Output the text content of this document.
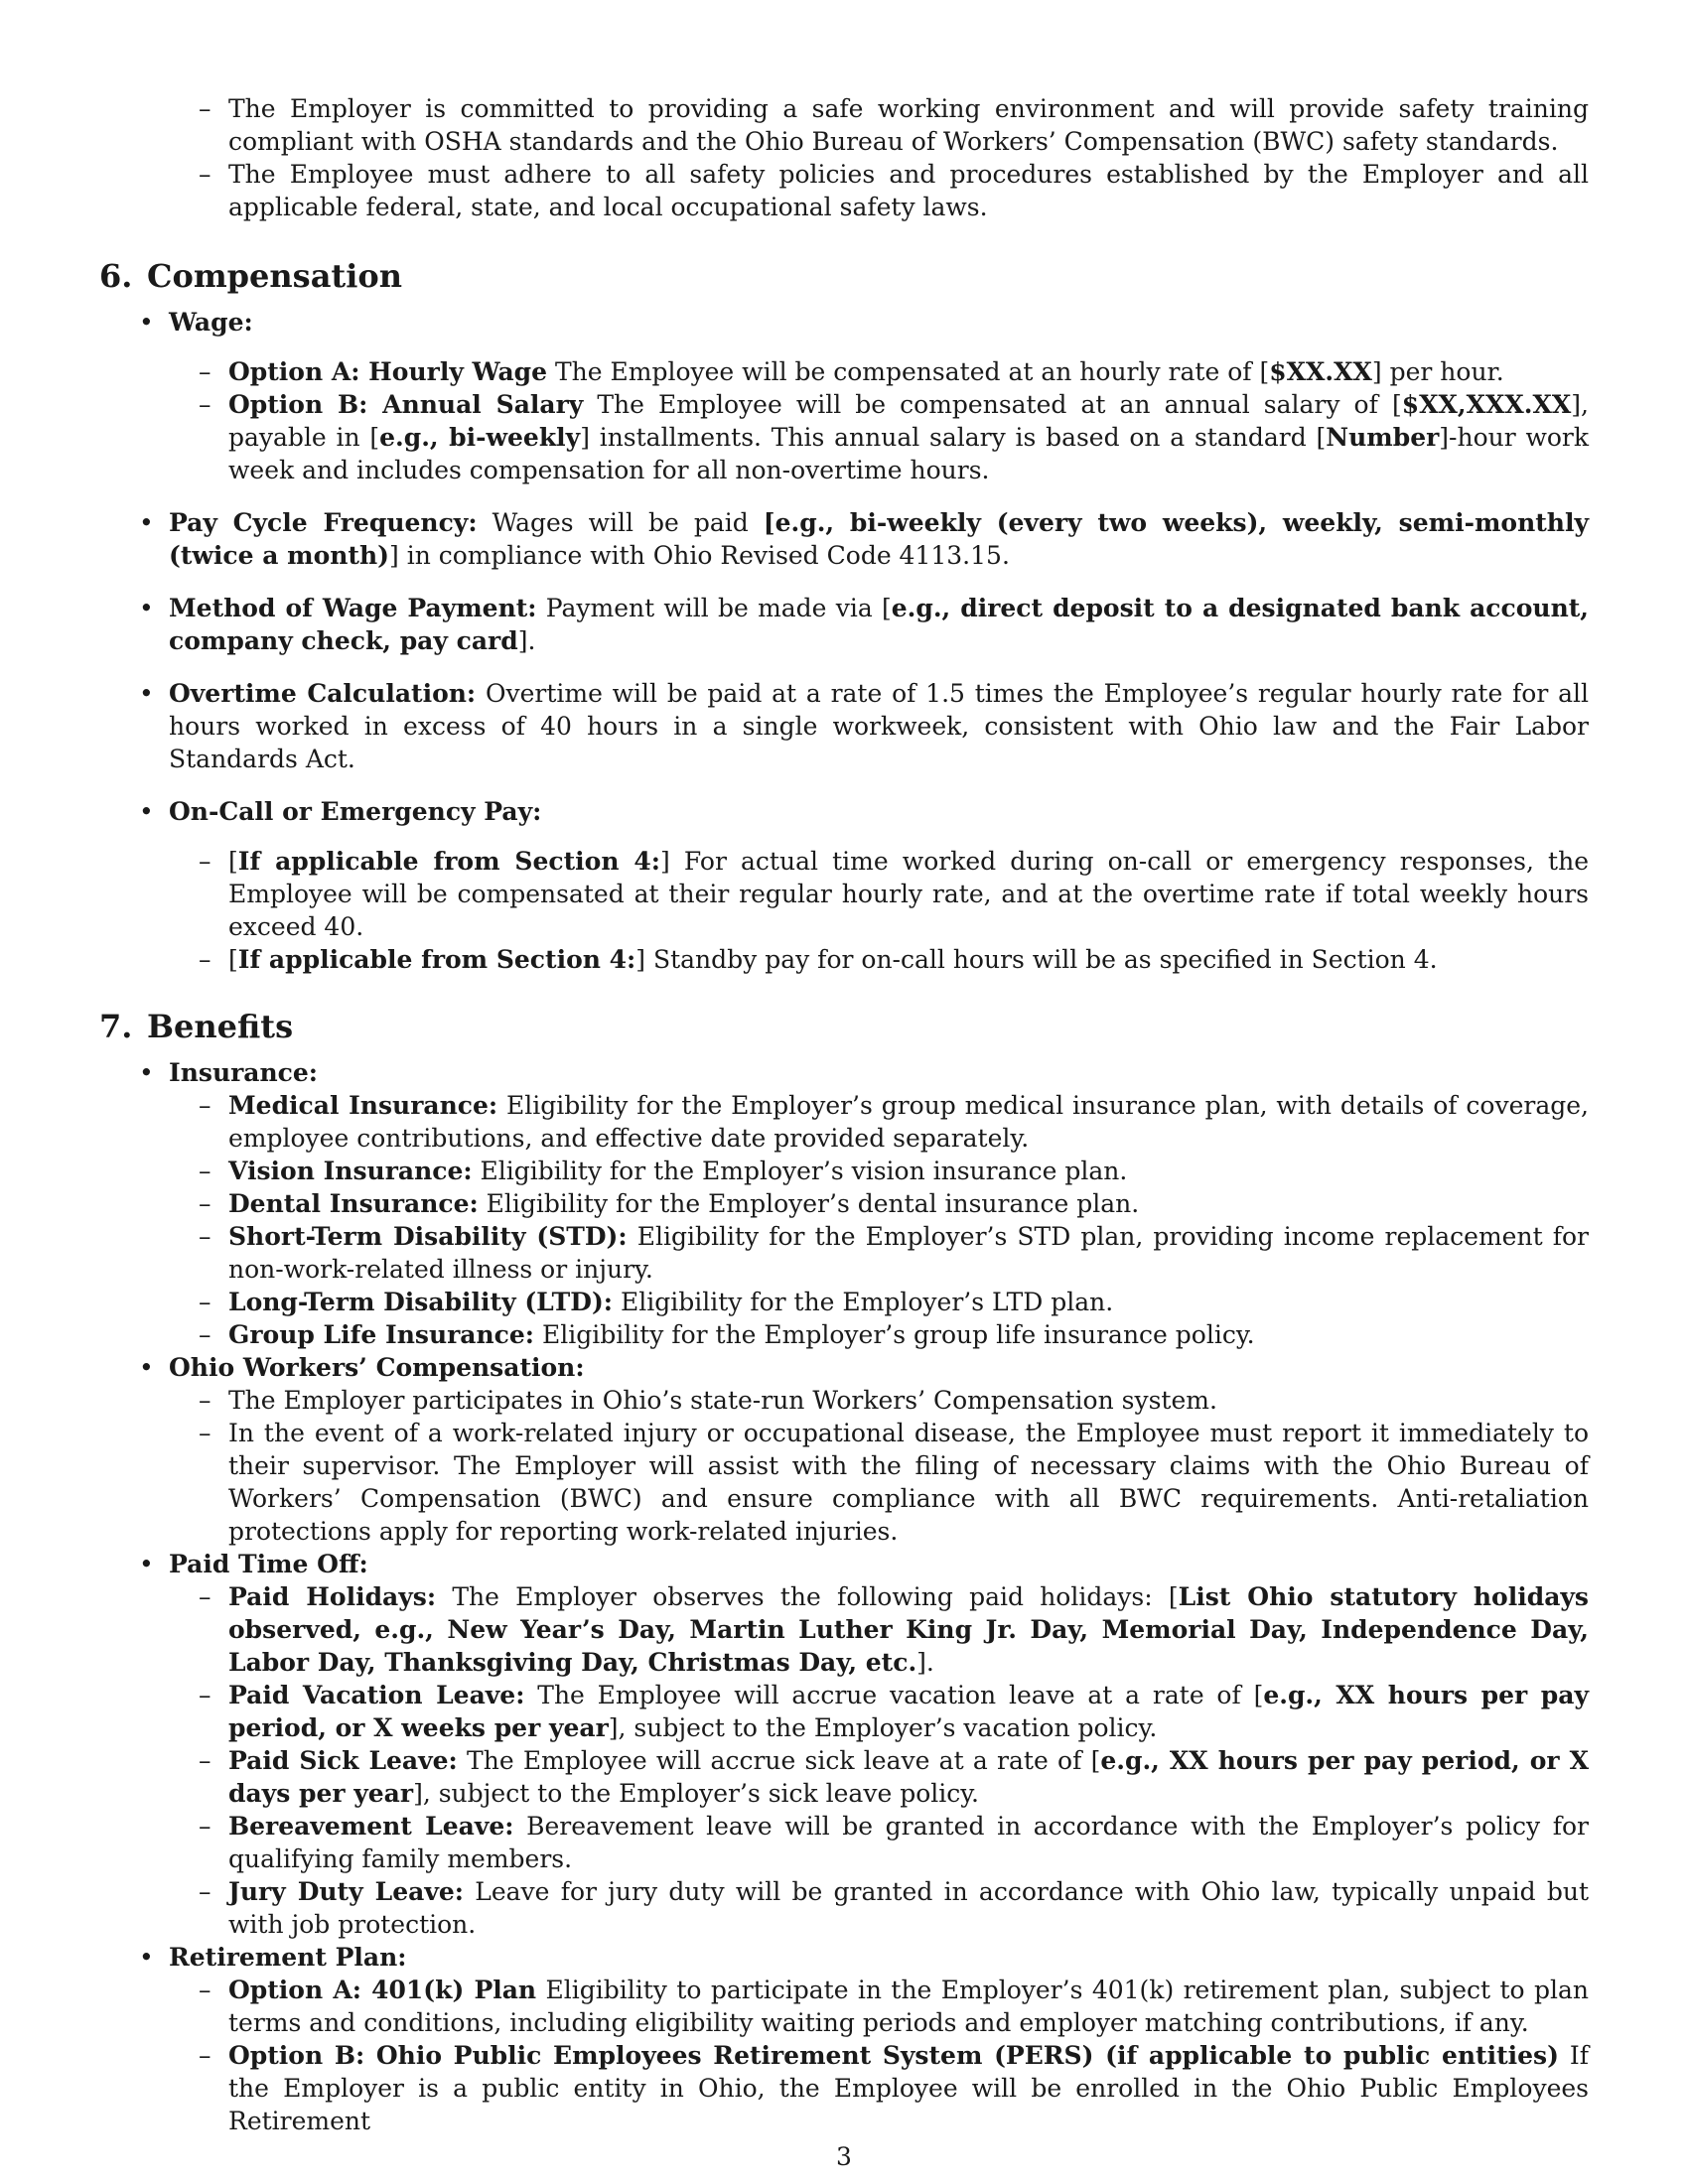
– The Employer is committed to providing a safe working environment and will provide safety training compliant with OSHA standards and the Ohio Bureau of Workers’ Compensation (BWC) safety standards.
– The Employee must adhere to all safety policies and procedures established by the Employer and all applicable federal, state, and local occupational safety laws.
6. Compensation
• Wage:
– Option A: Hourly Wage The Employee will be compensated at an hourly rate of [$XX.XX] per hour.
– Option B: Annual Salary The Employee will be compensated at an annual salary of [$XX,XXX.XX], payable in [e.g., bi-weekly] installments. This annual salary is based on a standard [Number]-hour work week and includes compensation for all non-overtime hours.
• Pay Cycle Frequency: Wages will be paid [e.g., bi-weekly (every two weeks), weekly, semi-monthly (twice a month)] in compliance with Ohio Revised Code 4113.15.
• Method of Wage Payment: Payment will be made via [e.g., direct deposit to a designated bank account, company check, pay card].
• Overtime Calculation: Overtime will be paid at a rate of 1.5 times the Employee’s regular hourly rate for all hours worked in excess of 40 hours in a single workweek, consistent with Ohio law and the Fair Labor Standards Act.
• On-Call or Emergency Pay:
– [If applicable from Section 4:] For actual time worked during on-call or emergency responses, the Employee will be compensated at their regular hourly rate, and at the overtime rate if total weekly hours exceed 40.
– [If applicable from Section 4:] Standby pay for on-call hours will be as specified in Section 4.
7. Benefits
• Insurance:
– Medical Insurance: Eligibility for the Employer’s group medical insurance plan, with details of coverage, employee contributions, and effective date provided separately.
– Vision Insurance: Eligibility for the Employer’s vision insurance plan.
– Dental Insurance: Eligibility for the Employer’s dental insurance plan.
– Short-Term Disability (STD): Eligibility for the Employer’s STD plan, providing income replacement for non-work-related illness or injury.
– Long-Term Disability (LTD): Eligibility for the Employer’s LTD plan.
– Group Life Insurance: Eligibility for the Employer’s group life insurance policy.
• Ohio Workers’ Compensation:
– The Employer participates in Ohio’s state-run Workers’ Compensation system.
– In the event of a work-related injury or occupational disease, the Employee must report it immediately to their supervisor. The Employer will assist with the filing of necessary claims with the Ohio Bureau of Workers’ Compensation (BWC) and ensure compliance with all BWC requirements. Anti-retaliation protections apply for reporting work-related injuries.
• Paid Time Off:
– Paid Holidays: The Employer observes the following paid holidays: [List Ohio statutory holidays observed, e.g., New Year’s Day, Martin Luther King Jr. Day, Memorial Day, Independence Day, Labor Day, Thanksgiving Day, Christmas Day, etc.].
– Paid Vacation Leave: The Employee will accrue vacation leave at a rate of [e.g., XX hours per pay period, or X weeks per year], subject to the Employer’s vacation policy.
– Paid Sick Leave: The Employee will accrue sick leave at a rate of [e.g., XX hours per pay period, or X days per year], subject to the Employer’s sick leave policy.
– Bereavement Leave: Bereavement leave will be granted in accordance with the Employer’s policy for qualifying family members.
– Jury Duty Leave: Leave for jury duty will be granted in accordance with Ohio law, typically unpaid but with job protection.
• Retirement Plan:
– Option A: 401(k) Plan Eligibility to participate in the Employer’s 401(k) retirement plan, subject to plan terms and conditions, including eligibility waiting periods and employer matching contributions, if any.
– Option B: Ohio Public Employees Retirement System (PERS) (if applicable to public entities) If the Employer is a public entity in Ohio, the Employee will be enrolled in the Ohio Public Employees Retirement
3
